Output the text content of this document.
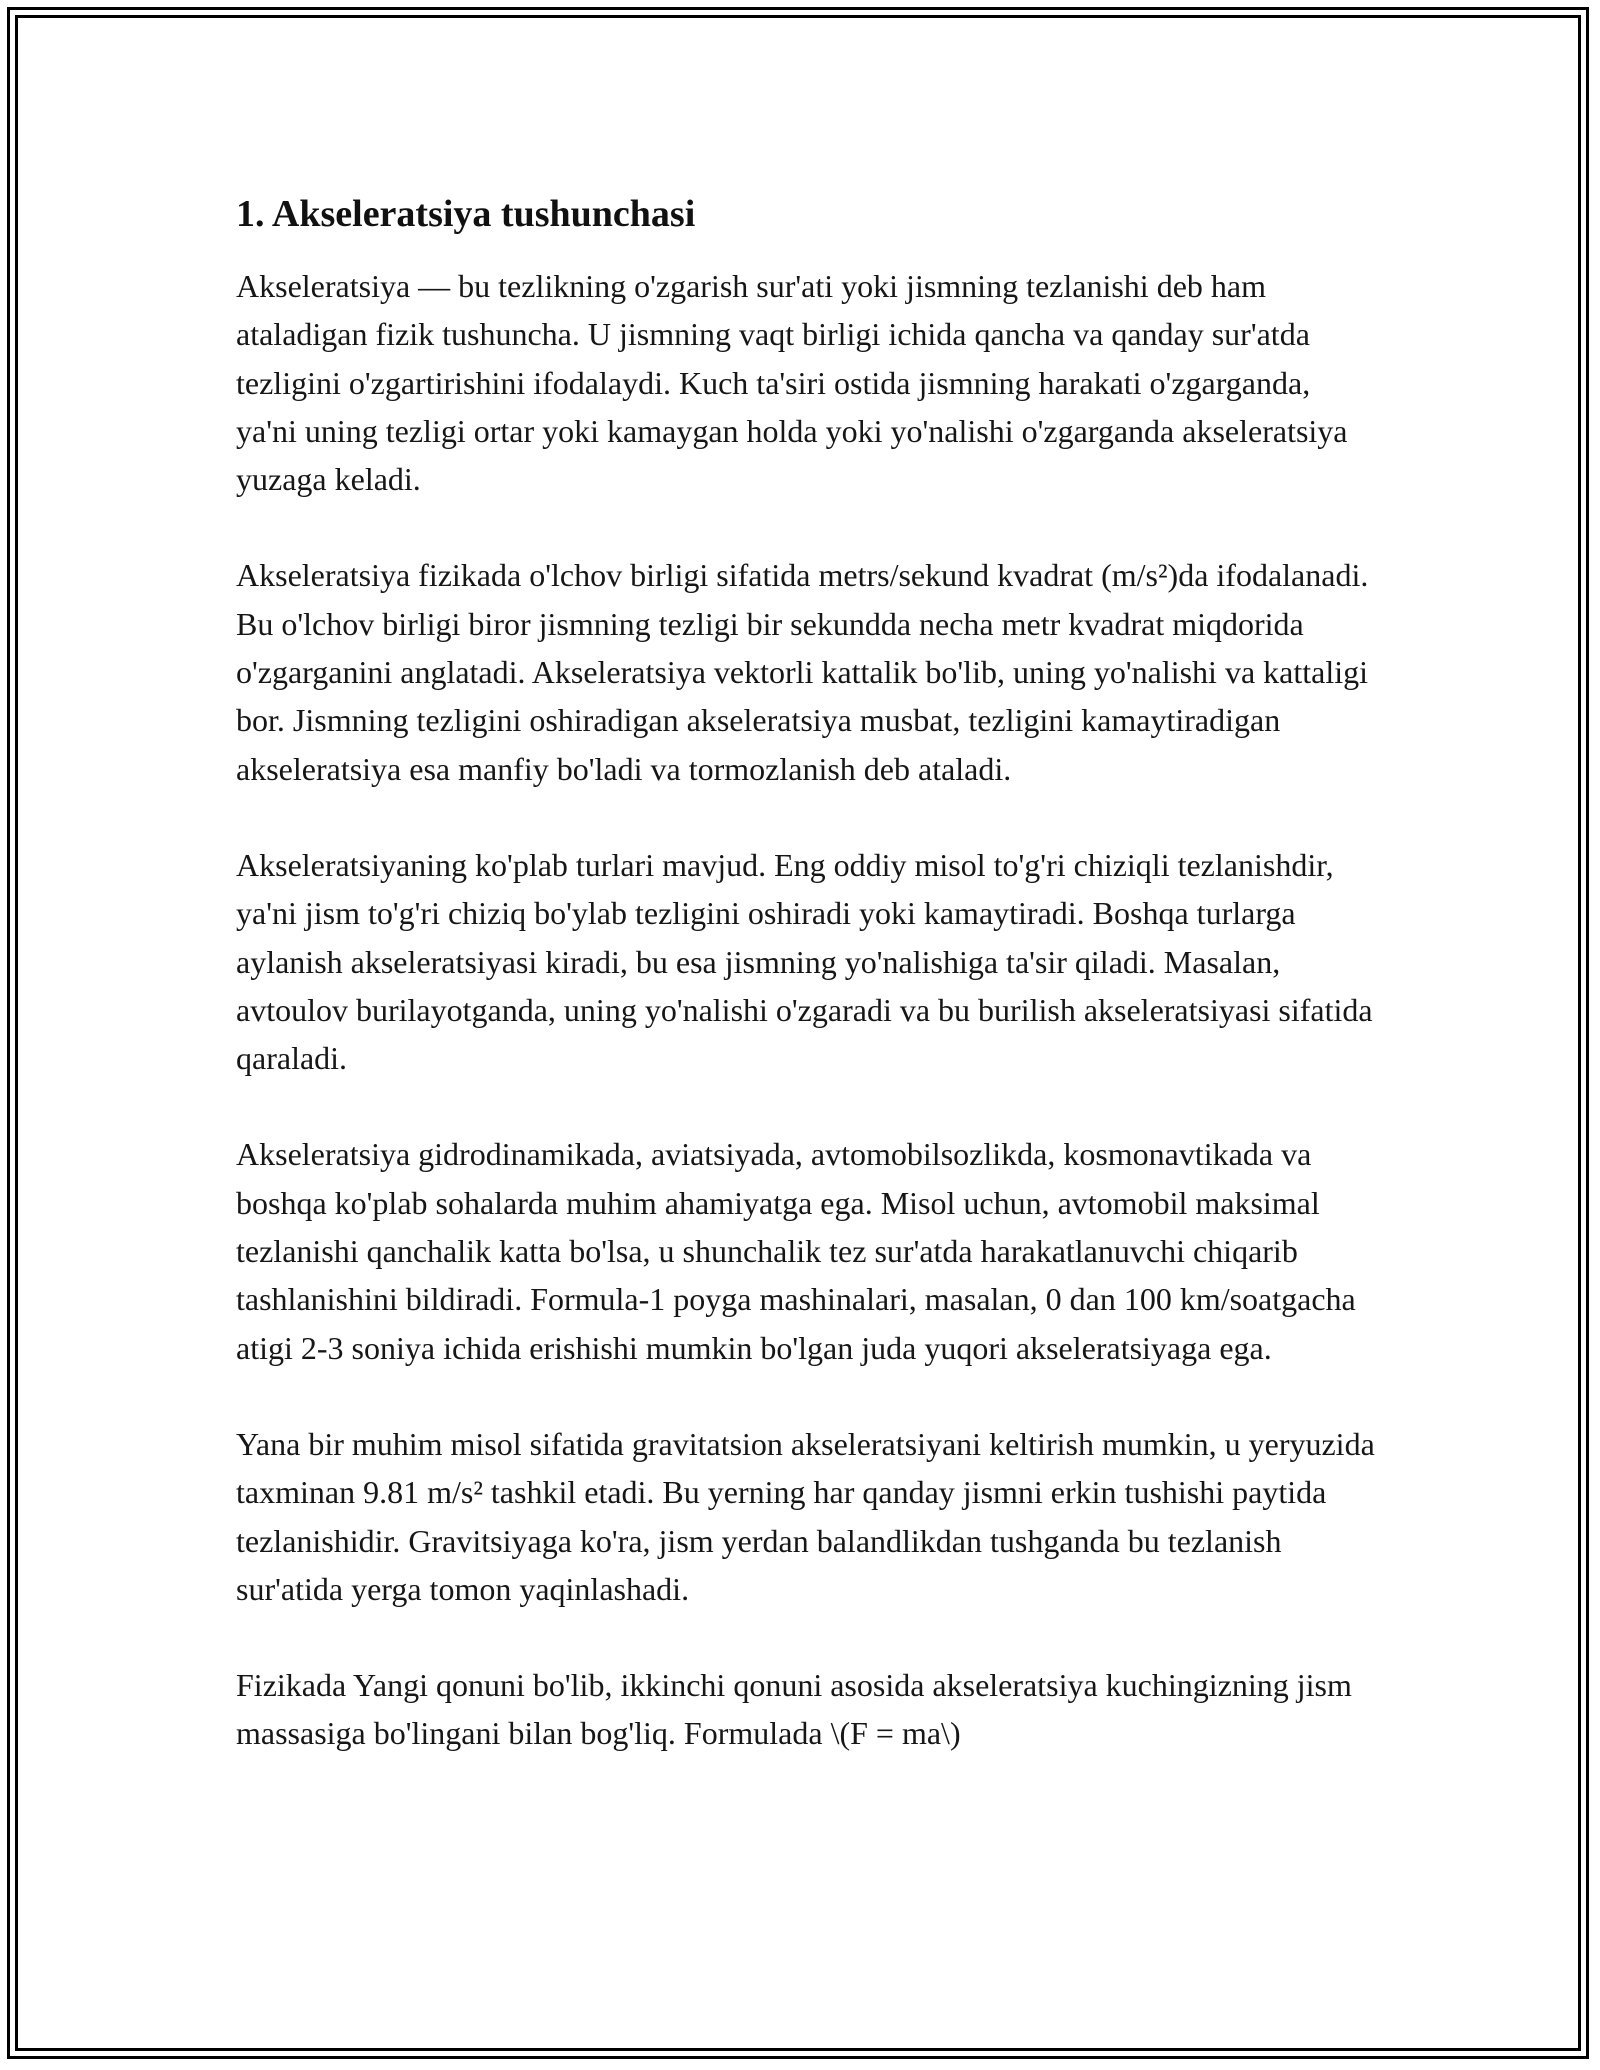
1. Akseleratsiya tushunchasi

Akseleratsiya — bu tezlikning o'zgarish sur'ati yoki jismning tezlanishi deb ham ataladigan fizik tushuncha. U jismning vaqt birligi ichida qancha va qanday sur'atda tezligini o'zgartirishini ifodalaydi. Kuch ta'siri ostida jismning harakati o'zgarganda, ya'ni uning tezligi ortar yoki kamaygan holda yoki yo'nalishi o'zgarganda akseleratsiya yuzaga keladi.

Akseleratsiya fizikada o'lchov birligi sifatida metrs/sekund kvadrat (m/s²)da ifodalanadi. Bu o'lchov birligi biror jismning tezligi bir sekundda necha metr kvadrat miqdorida o'zgarganini anglatadi. Akseleratsiya vektorli kattalik bo'lib, uning yo'nalishi va kattaligi bor. Jismning tezligini oshiradigan akseleratsiya musbat, tezligini kamaytiradigan akseleratsiya esa manfiy bo'ladi va tormozlanish deb ataladi.

Akseleratsiyaning ko'plab turlari mavjud. Eng oddiy misol to'g'ri chiziqli tezlanishdir, ya'ni jism to'g'ri chiziq bo'ylab tezligini oshiradi yoki kamaytiradi. Boshqa turlarga aylanish akseleratsiyasi kiradi, bu esa jismning yo'nalishiga ta'sir qiladi. Masalan, avtoulov burilayotganda, uning yo'nalishi o'zgaradi va bu burilish akseleratsiyasi sifatida qaraladi.

Akseleratsiya gidrodinamikada, aviatsiyada, avtomobilsozlikda, kosmonavtikada va boshqa ko'plab sohalarda muhim ahamiyatga ega. Misol uchun, avtomobil maksimal tezlanishi qanchalik katta bo'lsa, u shunchalik tez sur'atda harakatlanuvchi chiqarib tashlanishini bildiradi. Formula-1 poyga mashinalari, masalan, 0 dan 100 km/soatgacha atigi 2-3 soniya ichida erishishi mumkin bo'lgan juda yuqori akseleratsiyaga ega.

Yana bir muhim misol sifatida gravitatsion akseleratsiyani keltirish mumkin, u yeryuzida taxminan 9.81 m/s² tashkil etadi. Bu yerning har qanday jismni erkin tushishi paytida tezlanishidir. Gravitsiyaga ko'ra, jism yerdan balandlikdan tushganda bu tezlanish sur'atida yerga tomon yaqinlashadi.

Fizikada Yangi qonuni bo'lib, ikkinchi qonuni asosida akseleratsiya kuchingizning jism massasiga bo'lingani bilan bog'liq. Formulada \(F = ma\)
